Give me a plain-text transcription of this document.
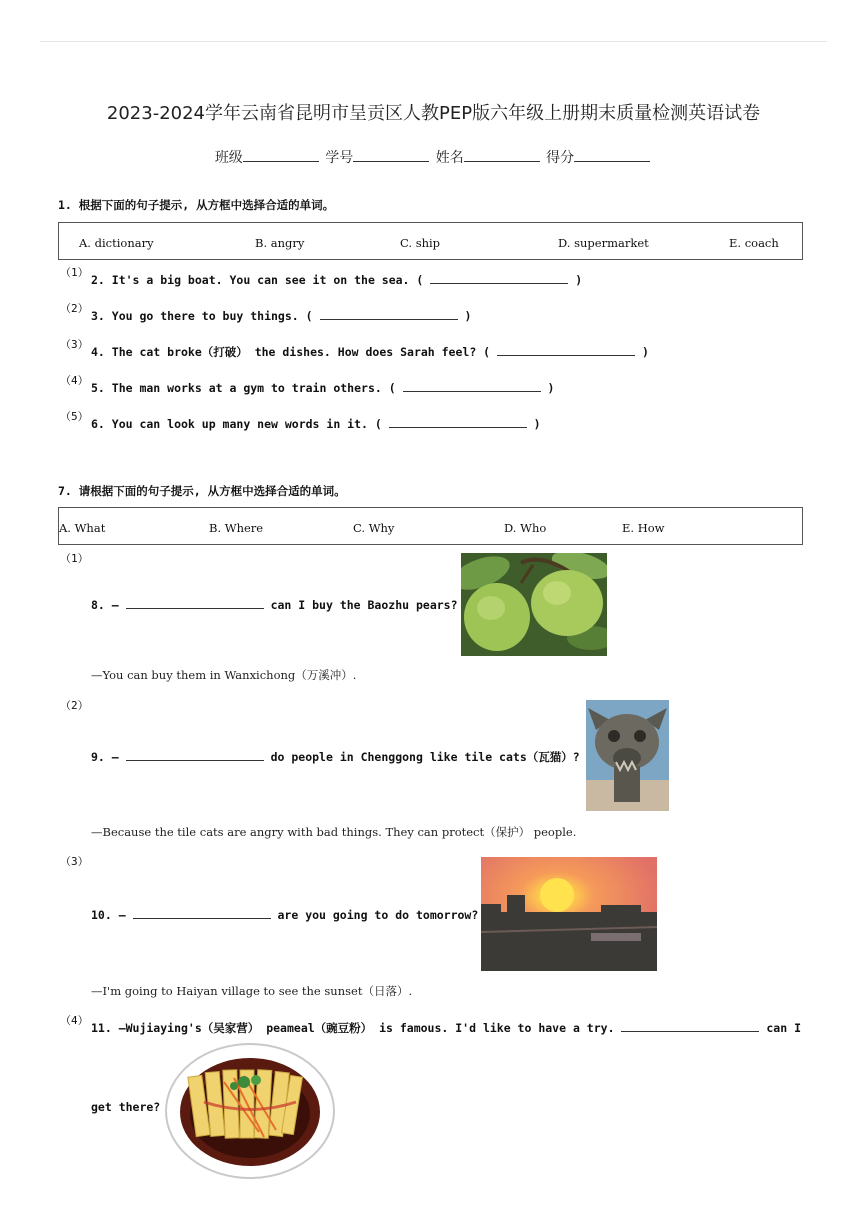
2023-2024学年云南省昆明市呈贡区人教PEP版六年级上册期末质量检测英语试卷
班级	学号	姓名	得分
1. 根据下面的句子提示, 从方框中选择合适的单词。
A. dictionary	B. angry	C. ship	D. supermarket	E. coach
（1）
2. It's a big boat. You can see it on the sea. (	)
（2）
3. You go there to buy things. (	)
（3）
4. The cat broke（打破） the dishes. How does Sarah feel? (	)
（4）
5. The man works at a gym to train others. (	)
（5）
6. You can look up many new words in it. (	)
7. 请根据下面的句子提示, 从方框中选择合适的单词。
A. What	B. Where	C. Why	D. Who	E. How
（1）
8. —	can I buy the Baozhu pears?
—You can buy them in Wanxichong（万溪冲）.
（2）
9. —	do people in Chenggong like tile cats（瓦猫）?
—Because the tile cats are angry with bad things. They can protect（保护） people.
（3）
10. —	are you going to do tomorrow?
—I'm going to Haiyan village to see the sunset（日落）.
（4）
11. —Wujiaying's（吴家营） peameal（豌豆粉） is famous. I'd like to have a try.	can I
get there?
